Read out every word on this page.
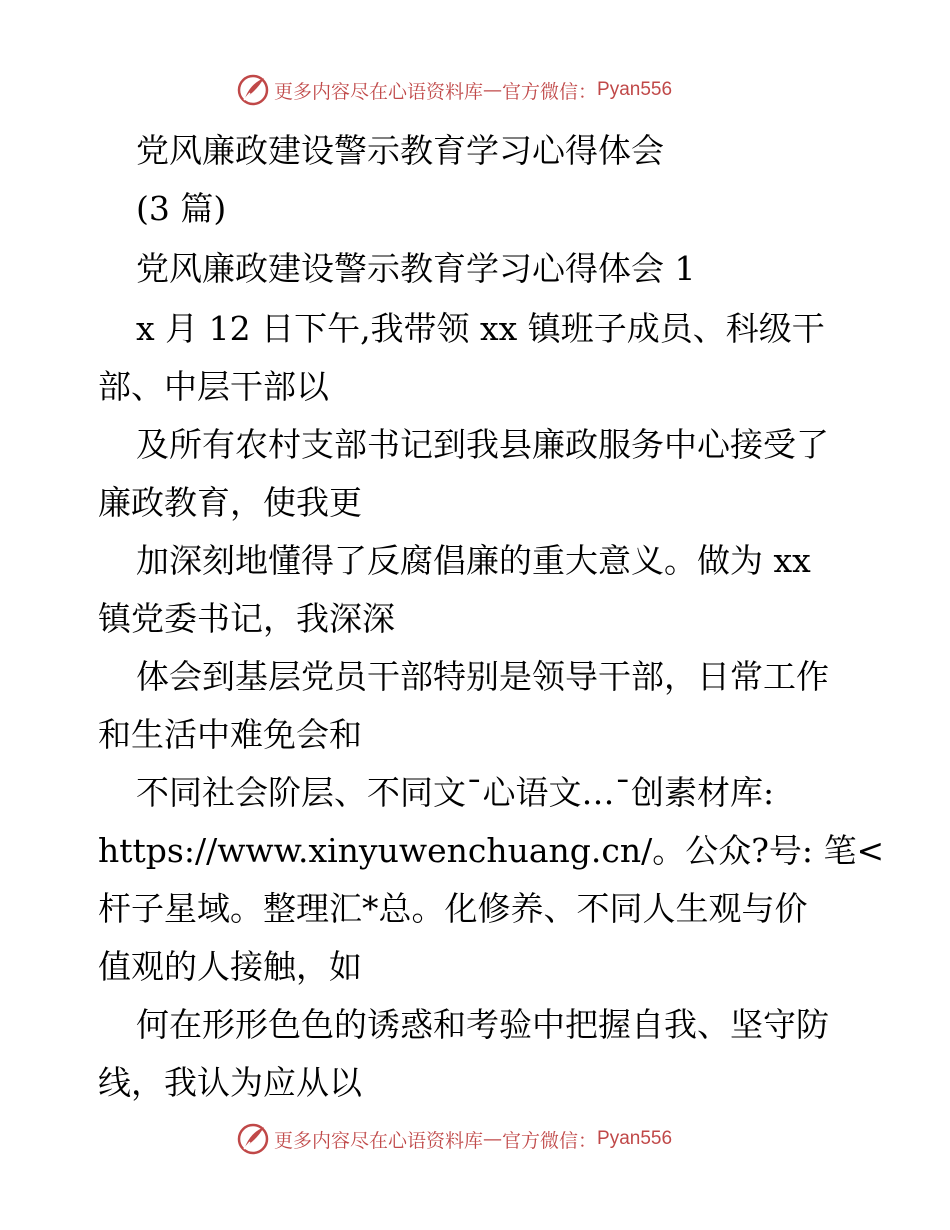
更多内容尽在心语资料库 — 官方微信： Pyan556
党风廉政建设警示教育学习心得体会
(3 篇)
党风廉政建设警示教育学习心得体会 1
x 月 12 日下午,我带领 xx 镇班子成员、科级干
部、中层干部以
及所有农村支部书记到我县廉政服务中心接受了
廉政教育，使我更
加深刻地懂得了反腐倡廉的重大意义。做为 xx
镇党委书记，我深深
体会到基层党员干部特别是领导干部，日常工作
和生活中难免会和
不同社会阶层、不同文¯心语文…¯创素材库:
https://www.xinyuwenchuang.cn/。公众?号: 笔<
杆子星域。整理汇*总。化修养、不同人生观与价
值观的人接触，如
何在形形色色的诱惑和考验中把握自我、坚守防
线，我认为应从以
更多内容尽在心语资料库 — 官方微信： Pyan556
